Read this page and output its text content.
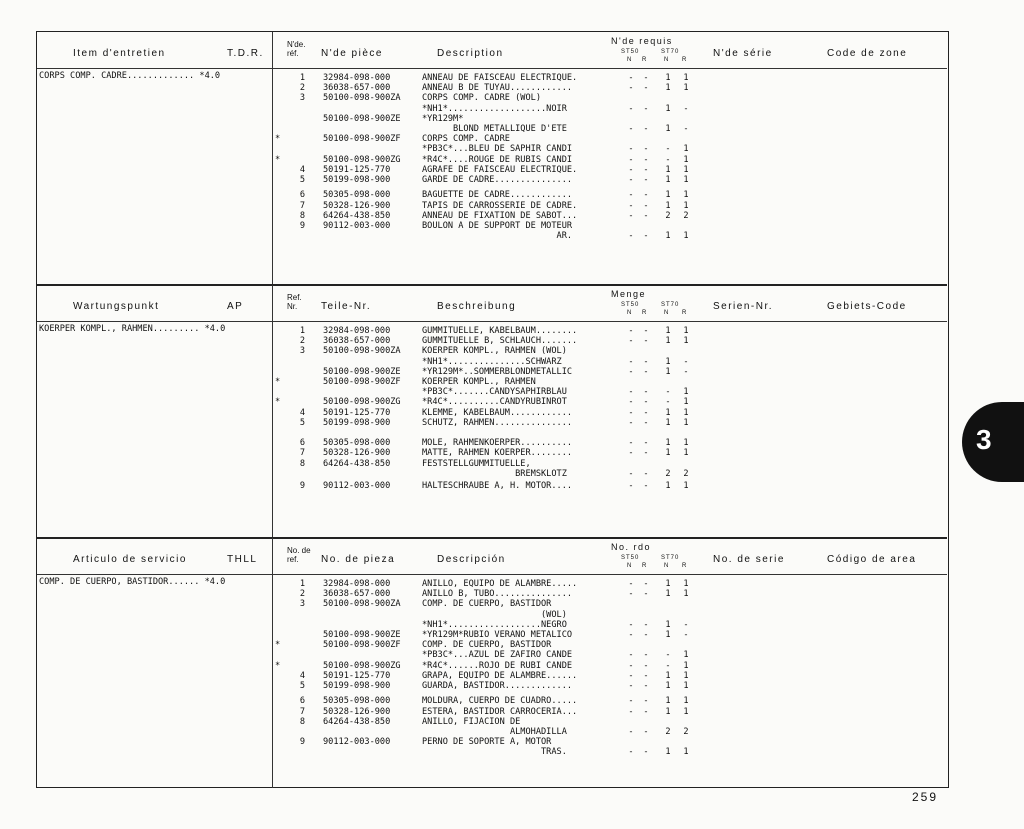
Item d'entretien	T.D.R.
N'de.
réf.	N'de pièce	Description
N'de requis
ST50	ST70
N R	N R
N'de série	Code de zone
CORPS COMP. CADRE............. *4.0	1 32984-098-000	ANNEAU DE FAISCEAU ELECTRIQUE.	- - 1 1
2 36038-657-000	ANNEAU B DE TUYAU............	- - 1 1
3 50100-098-900ZA CORPS COMP. CADRE (WOL)
*NH1*...................NOIR	- - 1 -
50100-098-900ZE *YR129M*
BLOND METALLIQUE D'ETE	- - 1 -
*	50100-098-900ZF CORPS COMP. CADRE
*PB3C*...BLEU DE SAPHIR CANDI	- - - 1
*	50100-098-900ZG *R4C*....ROUGE DE RUBIS CANDI	- - - 1
4 50191-125-770	AGRAFE DE FAISCEAU ELECTRIQUE.	- - 1 1
5 50199-098-900	GARDE DE CADRE...............	- - 1 1
6 50305-098-000	BAGUETTE DE CADRE............	- - 1 1
7 50328-126-900	TAPIS DE CARROSSERIE DE CADRE.	- - 1 1
8 64264-438-850	ANNEAU DE FIXATION DE SABOT...	- - 2 2
9 90112-003-000	BOULON A DE SUPPORT DE MOTEUR
AR.	- - 1 1
Wartungspunkt	AP
Ref.
Nr.	Teile-Nr.	Beschreibung
Menge
ST50	ST70
N R	N R
Serien-Nr.	Gebiets-Code
KOERPER KOMPL., RAHMEN......... *4.0	1 32984-098-000	GUMMITUELLE, KABELBAUM........	- - 1 1
2 36038-657-000	GUMMITUELLE B, SCHLAUCH.......	- - 1 1
3 50100-098-900ZA KOERPER KOMPL., RAHMEN (WOL)
*NH1*...............SCHWARZ	- - 1 -
50100-098-900ZE *YR129M*..SOMMERBLONDMETALLIC	- - 1 -
*	50100-098-900ZF KOERPER KOMPL., RAHMEN
*PB3C*.......CANDYSAPHIRBLAU	- - - 1
*	50100-098-900ZG *R4C*..........CANDYRUBINROT	- - - 1
4 50191-125-770	KLEMME, KABELBAUM............	- - 1 1
5 50199-098-900	SCHUTZ, RAHMEN...............	- - 1 1
6 50305-098-000	MOLE, RAHMENKOERPER..........	- - 1 1
7 50328-126-900	MATTE, RAHMEN KOERPER........	- - 1 1
8 64264-438-850	FESTSTELLGUMMITUELLE,
BREMSKLOTZ	- - 2 2
9 90112-003-000	HALTESCHRAUBE A, H. MOTOR....	- - 1 1
Articulo de servicio	THLL
No. de
ref.	No. de pieza	Descripción
No. rdo
ST50	ST70
N R	N R
No. de serie	Código de area
COMP. DE CUERPO, BASTIDOR...... *4.0	1 32984-098-000	ANILLO, EQUIPO DE ALAMBRE.....	- - 1 1
2 36038-657-000	ANILLO B, TUBO...............	- - 1 1
3 50100-098-900ZA COMP. DE CUERPO, BASTIDOR
(WOL)
*NH1*..................NEGRO	- - 1 -
50100-098-900ZE *YR129M*RUBIO VERANO METALICO	- - 1 -
*	50100-098-900ZF COMP. DE CUERPO, BASTIDOR
*PB3C*...AZUL DE ZAFIRO CANDE	- - - 1
*	50100-098-900ZG *R4C*......ROJO DE RUBI CANDE	- - - 1
4 50191-125-770	GRAPA, EQUIPO DE ALAMBRE......	- - 1 1
5 50199-098-900	GUARDA, BASTIDOR.............	- - 1 1
6 50305-098-000	MOLDURA, CUERPO DE CUADRO.....	- - 1 1
7 50328-126-900	ESTERA, BASTIDOR CARROCERIA...	- - 1 1
8 64264-438-850	ANILLO, FIJACION DE
ALMOHADILLA	- - 2 2
9 90112-003-000	PERNO DE SOPORTE A, MOTOR
TRAS.	- - 1 1
3
259
